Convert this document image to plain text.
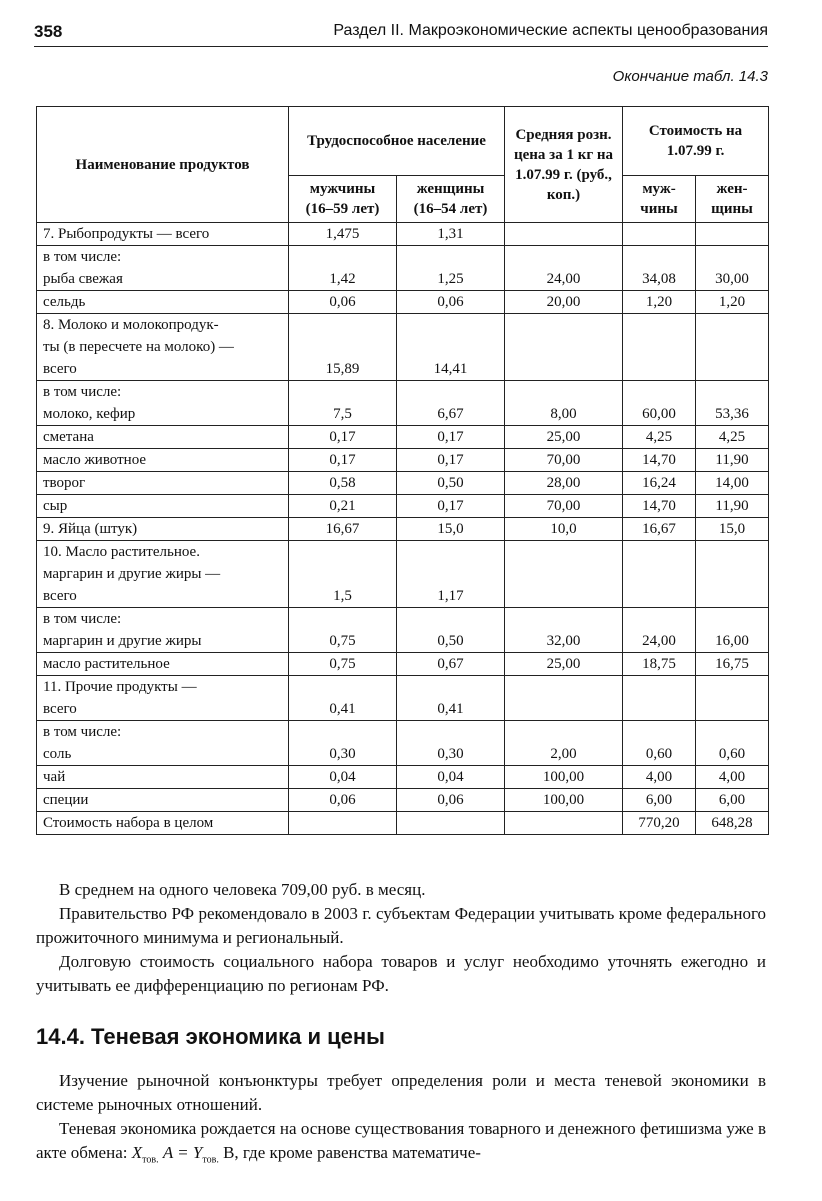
358	Раздел II. Макроэкономические аспекты ценообразования
Окончание табл. 14.3
Наименование продуктов	Трудоспособное население		Средняя розн. цена за 1 кг на 1.07.99 г. (руб., коп.)	Стоимость на 1.07.99 г.	
	мужчины (16–59 лет)	женщины (16–54 лет)		муж-чины	жен-щины
7. Рыбопродукты — всего	1,475	1,31			
в том числе:
рыба свежая	1,42	1,25	24,00	34,08	30,00
сельдь	0,06	0,06	20,00	1,20	1,20
8. Молоко и молокопродук-
ты (в пересчете на молоко) —
всего	15,89	14,41			
в том числе:
молоко, кефир	7,5	6,67	8,00	60,00	53,36
сметана	0,17	0,17	25,00	4,25	4,25
масло животное	0,17	0,17	70,00	14,70	11,90
творог	0,58	0,50	28,00	16,24	14,00
сыр	0,21	0,17	70,00	14,70	11,90
9. Яйца (штук)	16,67	15,0	10,0	16,67	15,0
10. Масло растительное.
маргарин и другие жиры —
всего	1,5	1,17			
в том числе:
маргарин и другие жиры	0,75	0,50	32,00	24,00	16,00
масло растительное	0,75	0,67	25,00	18,75	16,75
11. Прочие продукты —
всего	0,41	0,41			
в том числе:
соль	0,30	0,30	2,00	0,60	0,60
чай	0,04	0,04	100,00	4,00	4,00
специи	0,06	0,06	100,00	6,00	6,00
Стоимость набора в целом				770,20	648,28

В среднем на одного человека 709,00 руб. в месяц.

Правительство РФ рекомендовало в 2003 г. субъектам Федерации учитывать кроме федерального прожиточного минимума и региональный.

Долговую стоимость социального набора товаров и услуг необходимо уточнять ежегодно и учитывать ее дифференциацию по регионам РФ.

14.4. Теневая экономика и цены

Изучение рыночной конъюнктуры требует определения роли и места теневой экономики в системе рыночных отношений.

Теневая экономика рождается на основе существования товарного и денежного фетишизма уже в акте обмена: $X_{тов.}$ $A = Y_{тов.}$ B, где кроме равенства математиче-
